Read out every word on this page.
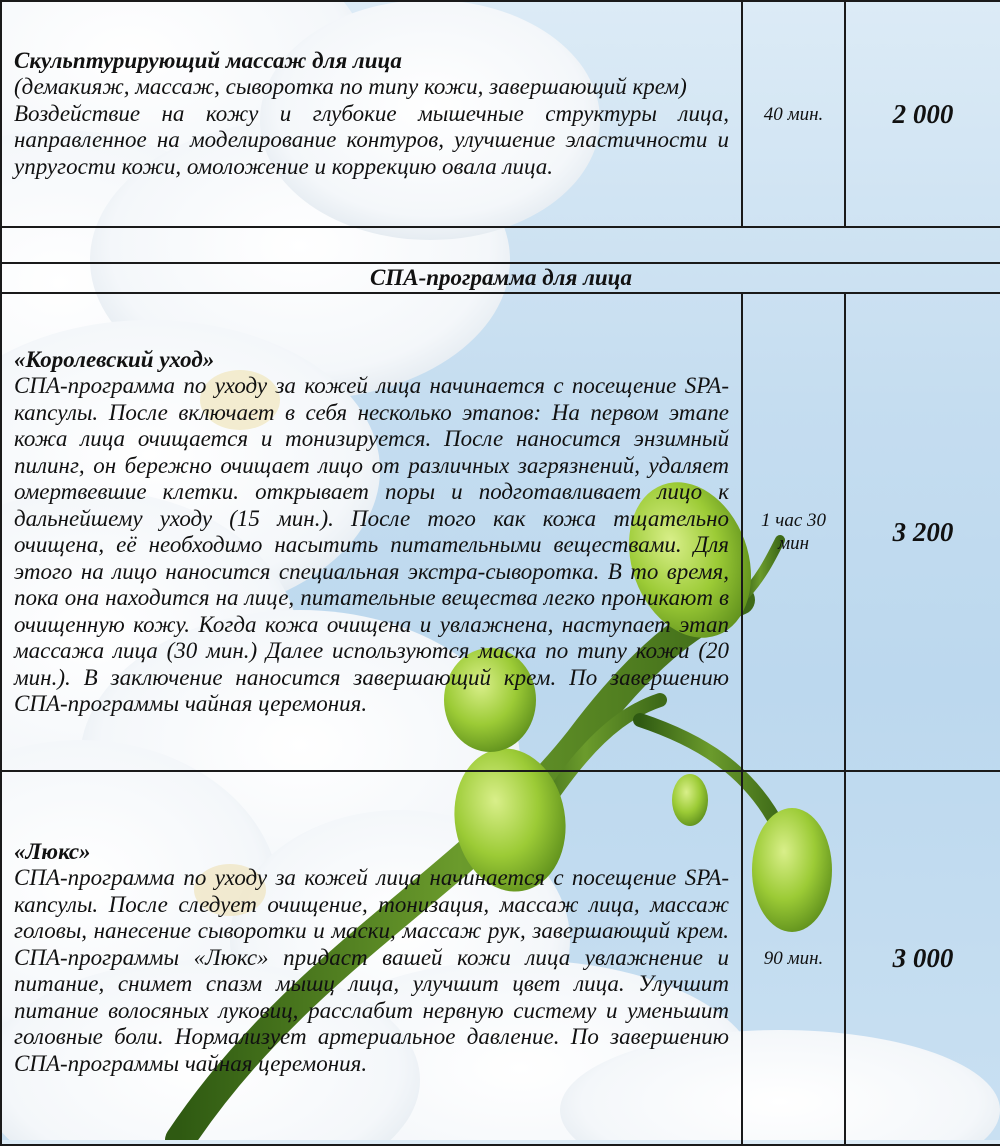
Скульптурирующий массаж для лица
(демакияж, массаж, сыворотка по типу кожи, завершающий крем)
Воздействие на кожу и глубокие мышечные структуры лица, направленное на моделирование контуров, улучшение эластичности и упругости кожи, омоложение и коррекцию овала лица.	40 мин.	2 000

СПА-программа для лица		

«Королевский уход»
СПА-программа по уходу за кожей лица начинается с посещение SPA-капсулы. После включает в себя несколько этапов: На первом этапе кожа лица очищается и тонизируется. После наносится энзимный пилинг, он бережно очищает лицо от различных загрязнений, удаляет омертвевшие клетки. открывает поры и подготавливает лицо к дальнейшему уходу (15 мин.). После того как кожа тщательно очищена, её необходимо насытить питательными веществами. Для этого на лицо наносится специальная экстра-сыворотка. В то время, пока она находится на лице, питательные вещества легко проникают в очищенную кожу. Когда кожа очищена и увлажнена, наступает этап массажа лица (30 мин.) Далее используются маска по типу кожи (20 мин.). В заключение наносится завершающий крем. По завершению СПА-программы чайная церемония.	1 час 30 мин	3 200

«Люкс»
СПА-программа по уходу за кожей лица начинается с посещение SPA-капсулы. После следует очищение, тонизация, массаж лица, массаж головы, нанесение сыворотки и маски, массаж рук, завершающий крем. СПА-программы «Люкс» придаст вашей кожи лица увлажнение и питание, снимет спазм мышц лица, улучшит цвет лица. Улучшит питание волосяных луковиц, расслабит нервную систему и уменьшит головные боли. Нормализует артериальное давление. По завершению СПА-программы чайная церемония.	90 мин.	3 000
